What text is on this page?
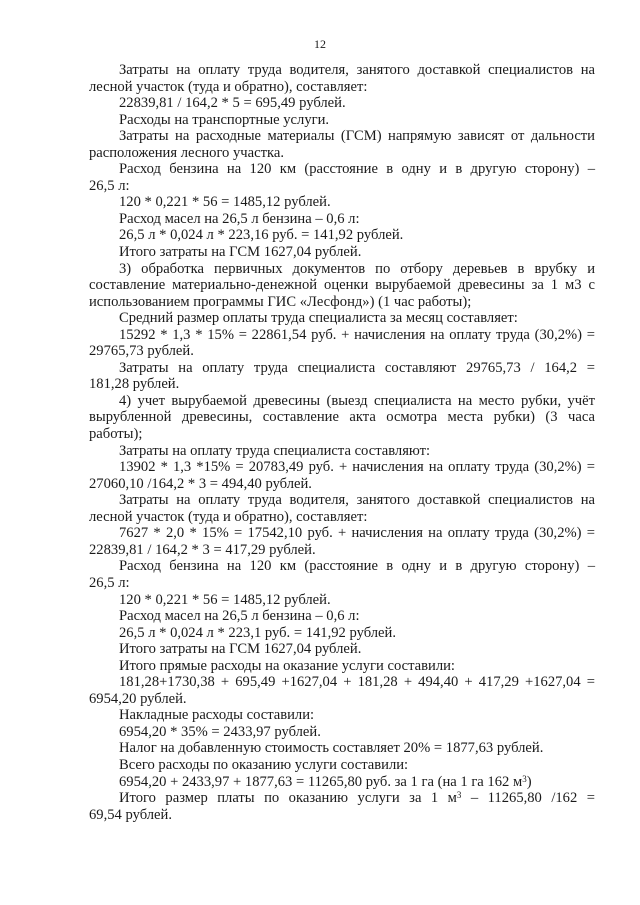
12

Затраты на оплату труда водителя, занятого доставкой специалистов на

лесной участок (туда и обратно), составляет:

22839,81 / 164,2 * 5 = 695,49 рублей.

Расходы на транспортные услуги.

Затраты на расходные материалы (ГСМ) напрямую зависят от дальности

расположения лесного участка.

Расход бензина на 120 км (расстояние в одну и в другую сторону) –

26,5 л:

120 * 0,221 * 56 = 1485,12 рублей.

Расход масел на 26,5 л бензина – 0,6 л:

26,5 л * 0,024 л * 223,16 руб. = 141,92 рублей.

Итого затраты на ГСМ 1627,04 рублей.

3) обработка первичных документов по отбору деревьев в врубку и

составление материально-денежной оценки вырубаемой древесины за 1 м3 с

использованием программы ГИС «Лесфонд») (1 час работы);

Средний размер оплаты труда специалиста за месяц составляет:

15292 * 1,3 * 15% = 22861,54 руб. + начисления на оплату труда (30,2%) =

29765,73 рублей.

Затраты на оплату труда специалиста составляют 29765,73 / 164,2 =

181,28 рублей.

4) учет вырубаемой древесины (выезд специалиста на место рубки, учёт

вырубленной древесины, составление акта осмотра места рубки) (3 часа

работы);

Затраты на оплату труда специалиста составляют:

13902 * 1,3 *15% = 20783,49 руб. + начисления на оплату труда (30,2%) =

27060,10 /164,2 * 3 = 494,40 рублей.

Затраты на оплату труда водителя, занятого доставкой специалистов на

лесной участок (туда и обратно), составляет:

7627 * 2,0 * 15% = 17542,10 руб. + начисления на оплату труда (30,2%) =

22839,81 / 164,2 * 3 = 417,29 рублей.

Расход бензина на 120 км (расстояние в одну и в другую сторону) –

26,5 л:

120 * 0,221 * 56 = 1485,12 рублей.

Расход масел на 26,5 л бензина – 0,6 л:

26,5 л * 0,024 л * 223,1 руб. = 141,92 рублей.

Итого затраты на ГСМ 1627,04 рублей.

Итого прямые расходы на оказание услуги составили:

181,28+1730,38 + 695,49 +1627,04 + 181,28 + 494,40 + 417,29 +1627,04 =

6954,20 рублей.

Накладные расходы составили:

6954,20 * 35% = 2433,97 рублей.

Налог на добавленную стоимость составляет 20% = 1877,63 рублей.

Всего расходы по оказанию услуги составили:

6954,20 + 2433,97 + 1877,63 = 11265,80 руб. за 1 га (на 1 га 162 $м^3$)

Итого размер платы по оказанию услуги за 1 $м^3 - 11265,80$ /162 =

69,54 рублей.
